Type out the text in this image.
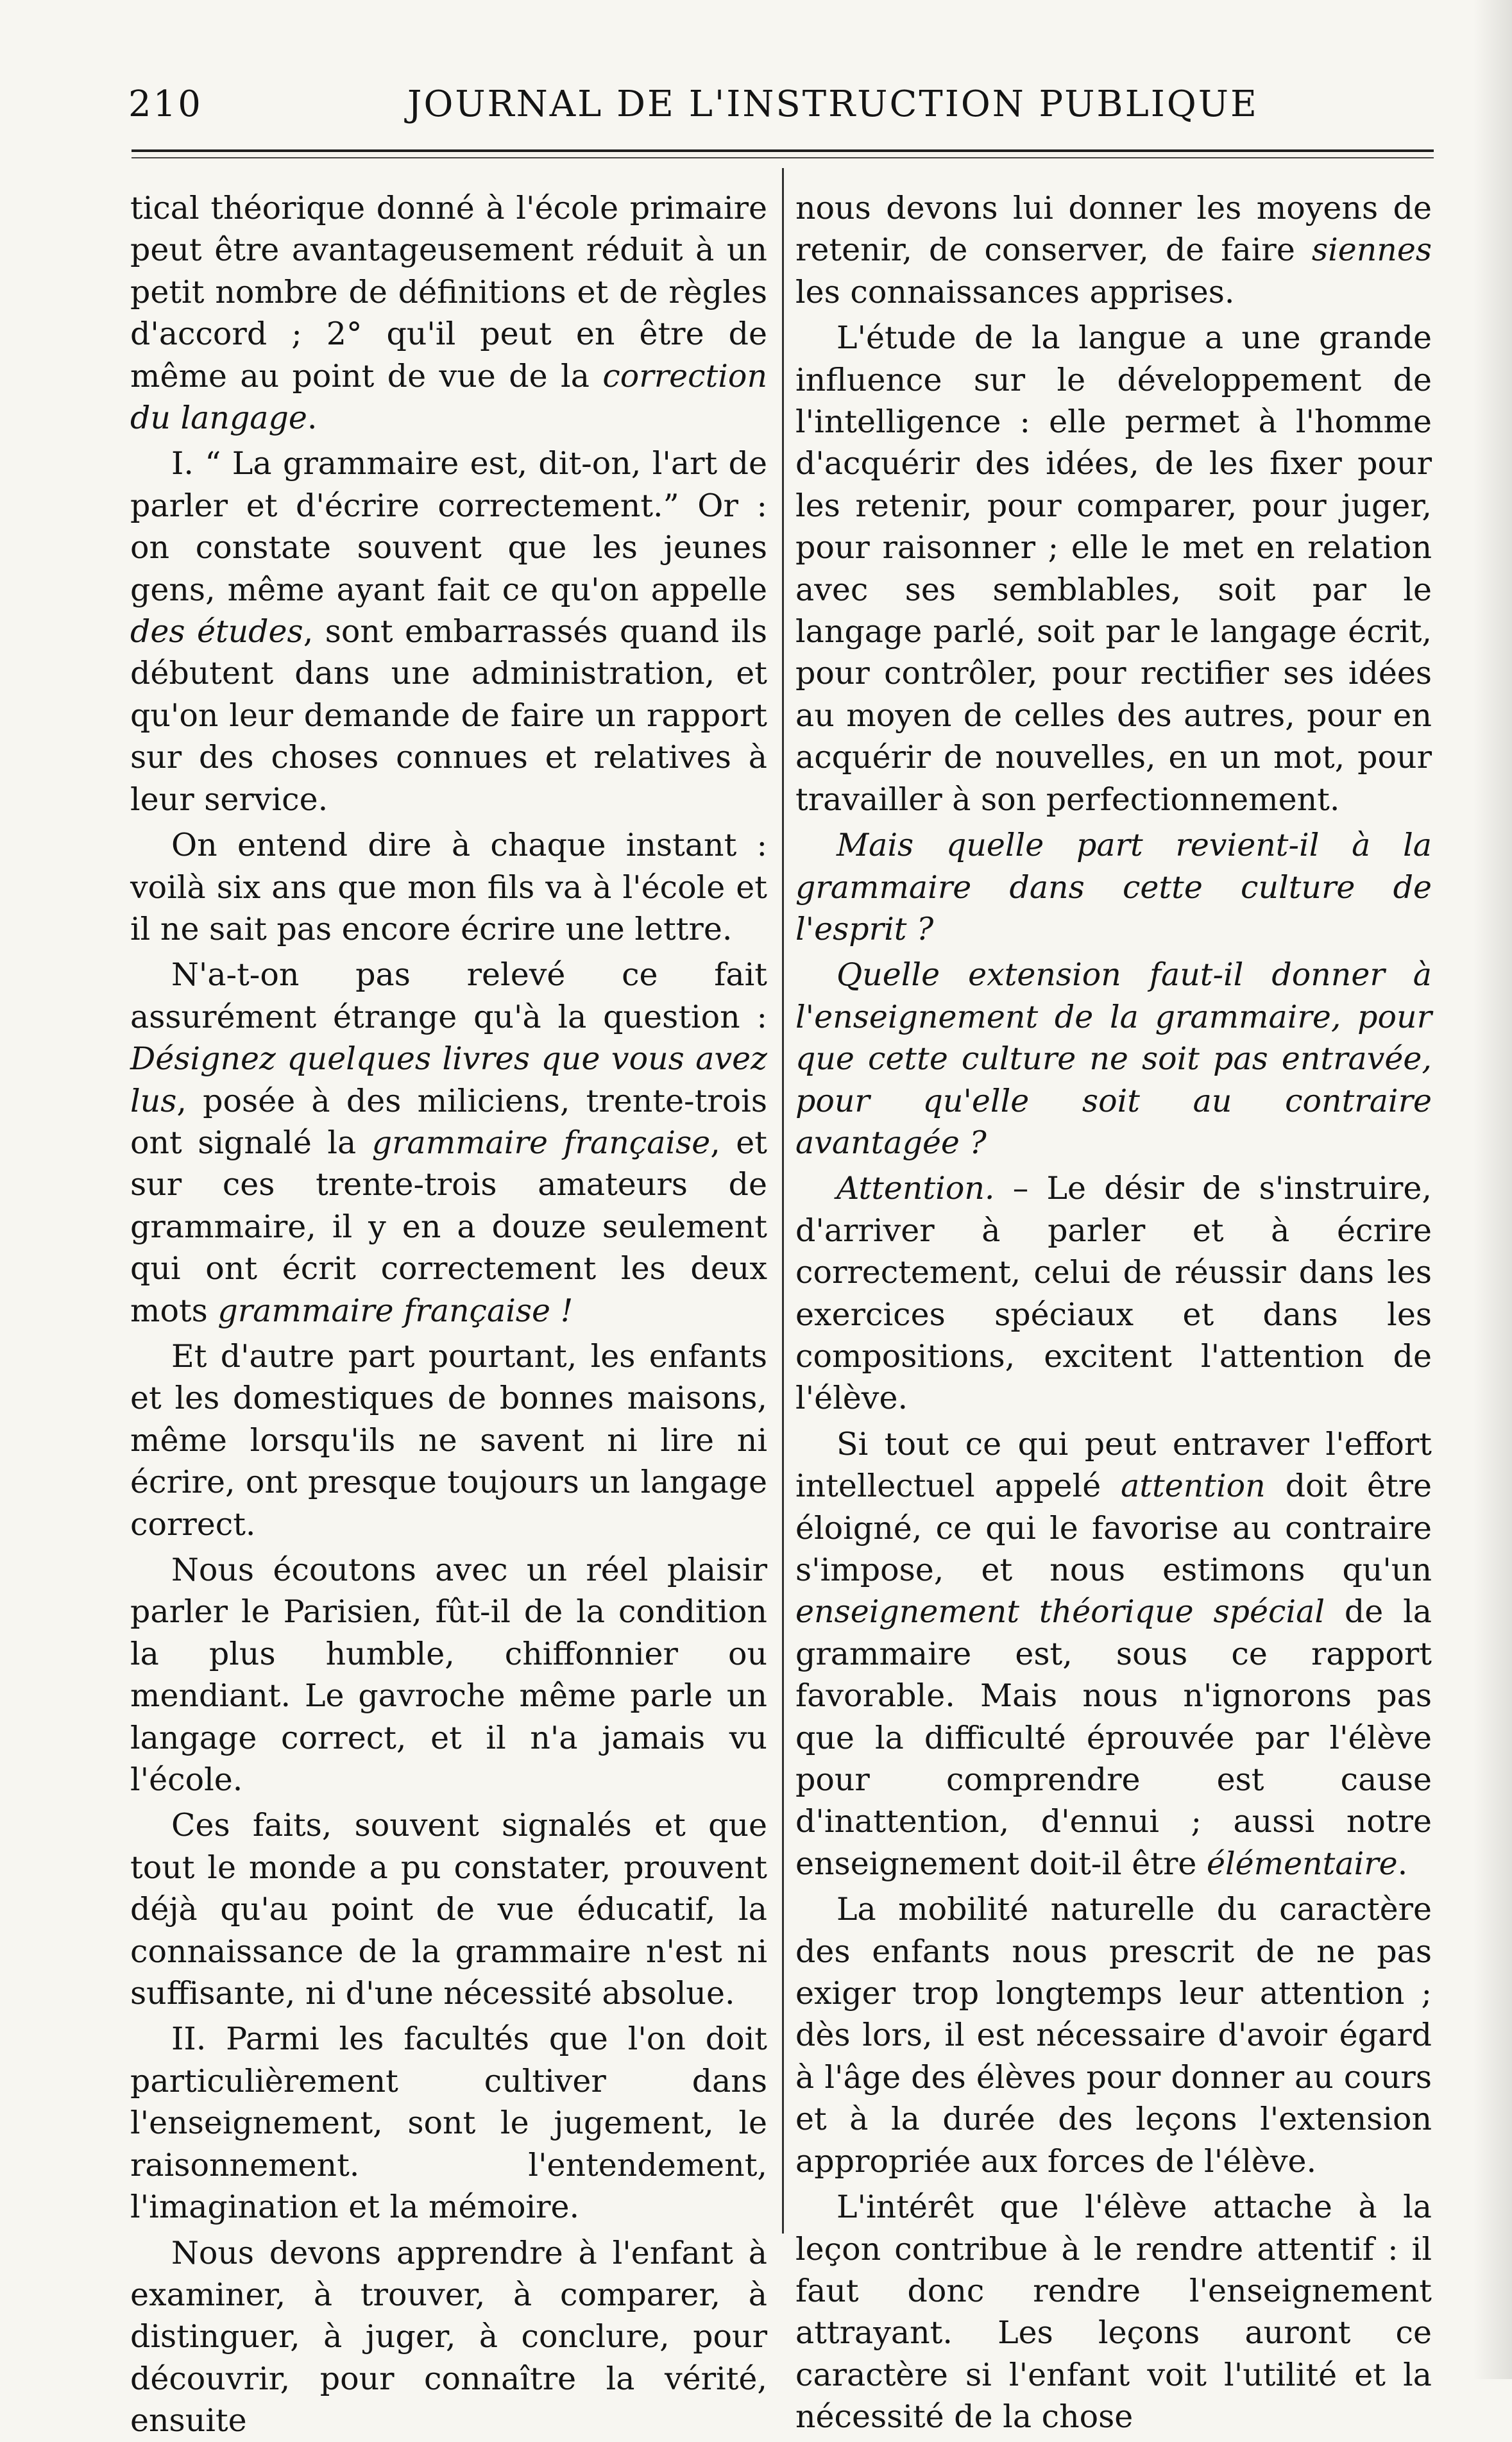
210	JOURNAL DE L'INSTRUCTION PUBLIQUE

tical théorique donné à l'école primaire peut être avantageusement réduit à un petit nombre de définitions et de règles d'accord ; 2° qu'il peut en être de même au point de vue de la correction du langage.

I. “ La grammaire est, dit-on, l'art de parler et d'écrire correctement.” Or : on constate souvent que les jeunes gens, même ayant fait ce qu'on appelle des études, sont embarrassés quand ils débutent dans une administration, et qu'on leur demande de faire un rapport sur des choses connues et relatives à leur service.

On entend dire à chaque instant : voilà six ans que mon fils va à l'école et il ne sait pas encore écrire une lettre.

N'a-t-on pas relevé ce fait assurément étrange qu'à la question : Désignez quelques livres que vous avez lus, posée à des miliciens, trente-trois ont signalé la grammaire française, et sur ces trente-trois amateurs de grammaire, il y en a douze seulement qui ont écrit correctement les deux mots grammaire française !

Et d'autre part pourtant, les enfants et les domestiques de bonnes maisons, même lorsqu'ils ne savent ni lire ni écrire, ont presque toujours un langage correct.

Nous écoutons avec un réel plaisir parler le Parisien, fût-il de la condition la plus humble, chiffonnier ou mendiant. Le gavroche même parle un langage correct, et il n'a jamais vu l'école.

Ces faits, souvent signalés et que tout le monde a pu constater, prouvent déjà qu'au point de vue éducatif, la connaissance de la grammaire n'est ni suffisante, ni d'une nécessité absolue.

II. Parmi les facultés que l'on doit particulièrement cultiver dans l'enseignement, sont le jugement, le raisonnement. l'entendement, l'imagination et la mémoire.

Nous devons apprendre à l'enfant à examiner, à trouver, à comparer, à distinguer, à juger, à conclure, pour découvrir, pour connaître la vérité, ensuite

nous devons lui donner les moyens de retenir, de conserver, de faire siennes les connaissances apprises.

L'étude de la langue a une grande influence sur le développement de l'intelligence : elle permet à l'homme d'acquérir des idées, de les fixer pour les retenir, pour comparer, pour juger, pour raisonner ; elle le met en relation avec ses semblables, soit par le langage parlé, soit par le langage écrit, pour contrôler, pour rectifier ses idées au moyen de celles des autres, pour en acquérir de nouvelles, en un mot, pour travailler à son perfectionnement.

Mais quelle part revient-il à la grammaire dans cette culture de l'esprit ?

Quelle extension faut-il donner à l'enseignement de la grammaire, pour que cette culture ne soit pas entravée, pour qu'elle soit au contraire avantagée ?

Attention. – Le désir de s'instruire, d'arriver à parler et à écrire correctement, celui de réussir dans les exercices spéciaux et dans les compositions, excitent l'attention de l'élève.

Si tout ce qui peut entraver l'effort intellectuel appelé attention doit être éloigné, ce qui le favorise au contraire s'impose, et nous estimons qu'un enseignement théorique spécial de la grammaire est, sous ce rapport favorable. Mais nous n'ignorons pas que la difficulté éprouvée par l'élève pour comprendre est cause d'inattention, d'ennui ; aussi notre enseignement doit-il être élémentaire.

La mobilité naturelle du caractère des enfants nous prescrit de ne pas exiger trop longtemps leur attention ; dès lors, il est nécessaire d'avoir égard à l'âge des élèves pour donner au cours et à la durée des leçons l'extension appropriée aux forces de l'élève.

L'intérêt que l'élève attache à la leçon contribue à le rendre attentif : il faut donc rendre l'enseignement attrayant. Les leçons auront ce caractère si l'enfant voit l'utilité et la nécessité de la chose
